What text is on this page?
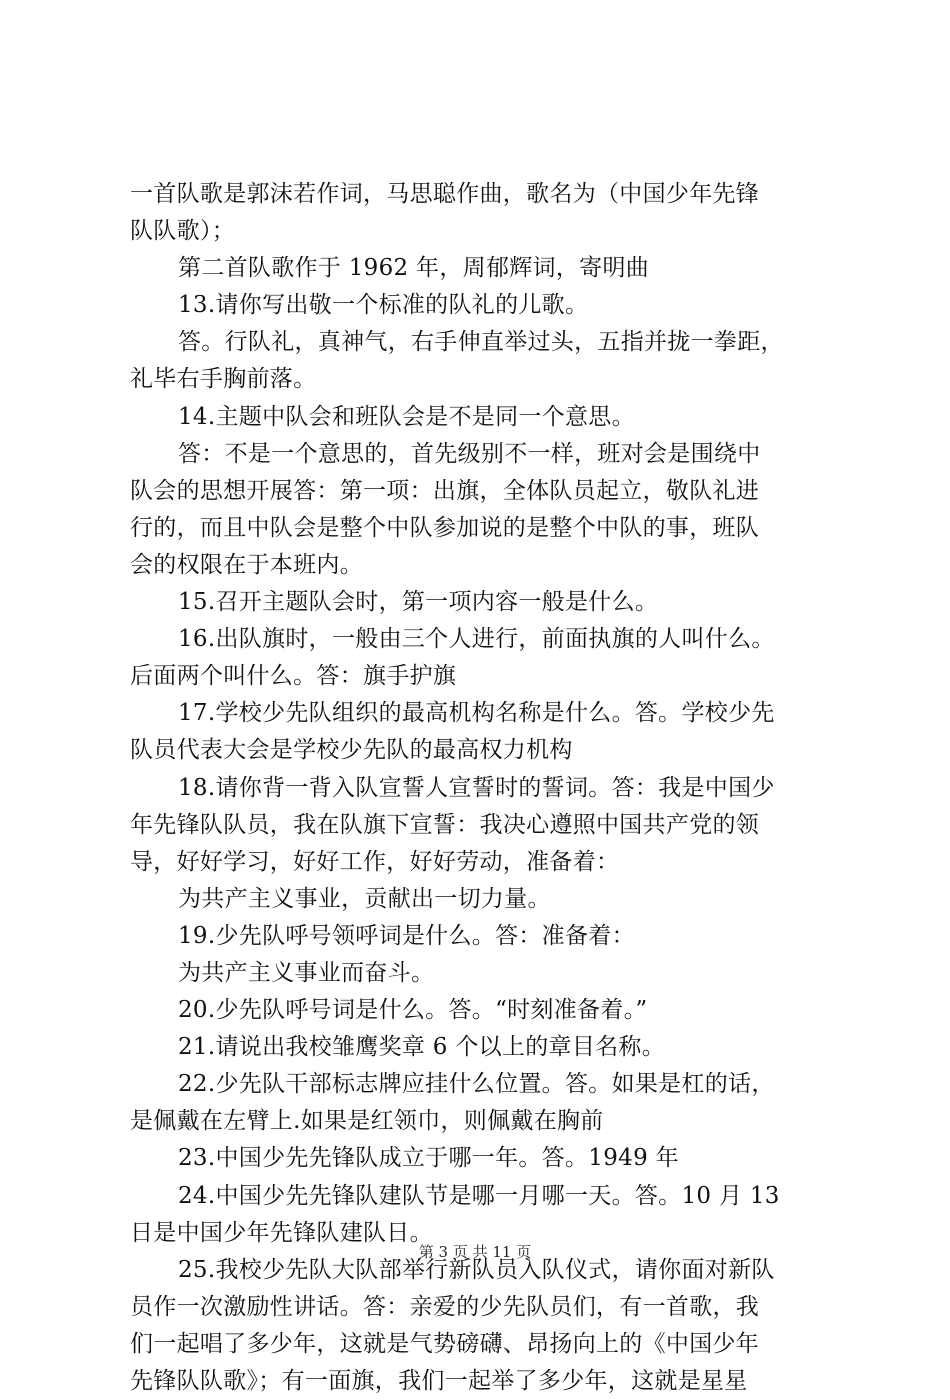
一首队歌是郭沫若作词，马思聪作曲，歌名为（中国少年先锋
队队歌）；
第二首队歌作于 1962 年，周郁辉词，寄明曲
13.请你写出敬一个标准的队礼的儿歌。
答。行队礼，真神气，右手伸直举过头，五指并拢一拳距，
礼毕右手胸前落。
14.主题中队会和班队会是不是同一个意思。
答：不是一个意思的，首先级别不一样，班对会是围绕中
队会的思想开展答：第一项：出旗，全体队员起立，敬队礼进
行的，而且中队会是整个中队参加说的是整个中队的事，班队
会的权限在于本班内。
15.召开主题队会时，第一项内容一般是什么。
16.出队旗时，一般由三个人进行，前面执旗的人叫什么。
后面两个叫什么。答：旗手护旗
17.学校少先队组织的最高机构名称是什么。答。学校少先
队员代表大会是学校少先队的最高权力机构
18.请你背一背入队宣誓人宣誓时的誓词。答：我是中国少
年先锋队队员，我在队旗下宣誓：我决心遵照中国共产党的领
导，好好学习，好好工作，好好劳动，准备着：
为共产主义事业，贡献出一切力量。
19.少先队呼号领呼词是什么。答：准备着：
为共产主义事业而奋斗。
20.少先队呼号词是什么。答。“时刻准备着。”
21.请说出我校雏鹰奖章 6 个以上的章目名称。
22.少先队干部标志牌应挂什么位置。答。如果是杠的话，
是佩戴在左臂上.如果是红领巾，则佩戴在胸前
23.中国少先先锋队成立于哪一年。答。1949 年
24.中国少先先锋队建队节是哪一月哪一天。答。10 月 13
日是中国少年先锋队建队日。
25.我校少先队大队部举行新队员入队仪式，请你面对新队
员作一次激励性讲话。答：亲爱的少先队员们，有一首歌，我
们一起唱了多少年，这就是气势磅礴、昂扬向上的《中国少年
先锋队队歌》；有一面旗，我们一起举了多少年，这就是星星
第 3 页 共 11 页
